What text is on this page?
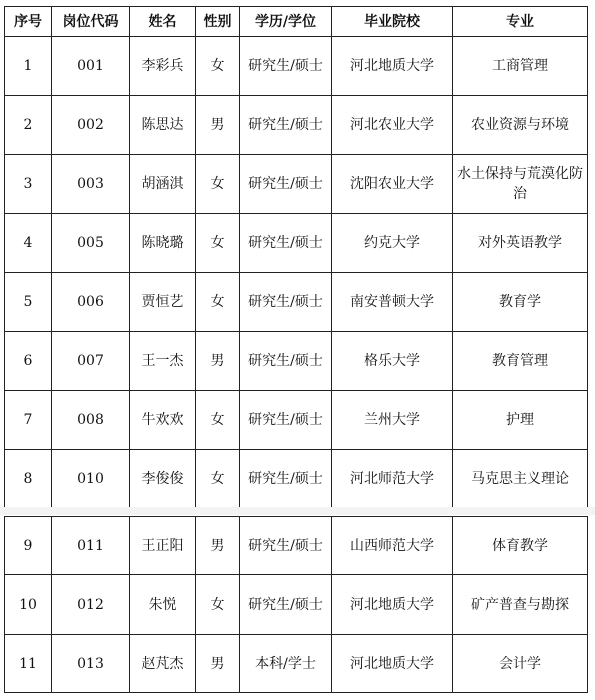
序号	岗位代码	姓名	性别	学历/学位	毕业院校	专业
1	001	李彩兵	女	研究生/硕士	河北地质大学	工商管理
2	002	陈思达	男	研究生/硕士	河北农业大学	农业资源与环境
3	003	胡涵淇	女	研究生/硕士	沈阳农业大学	水土保持与荒漠化防治
4	005	陈晓璐	女	研究生/硕士	约克大学	对外英语教学
5	006	贾恒艺	女	研究生/硕士	南安普顿大学	教育学
6	007	王一杰	男	研究生/硕士	格乐大学	教育管理
7	008	牛欢欢	女	研究生/硕士	兰州大学	护理
8	010	李俊俊	女	研究生/硕士	河北师范大学	马克思主义理论
9	011	王正阳	男	研究生/硕士	山西师范大学	体育教学
10	012	朱悦	女	研究生/硕士	河北地质大学	矿产普查与勘探
11	013	赵芃杰	男	本科/学士	河北地质大学	会计学
